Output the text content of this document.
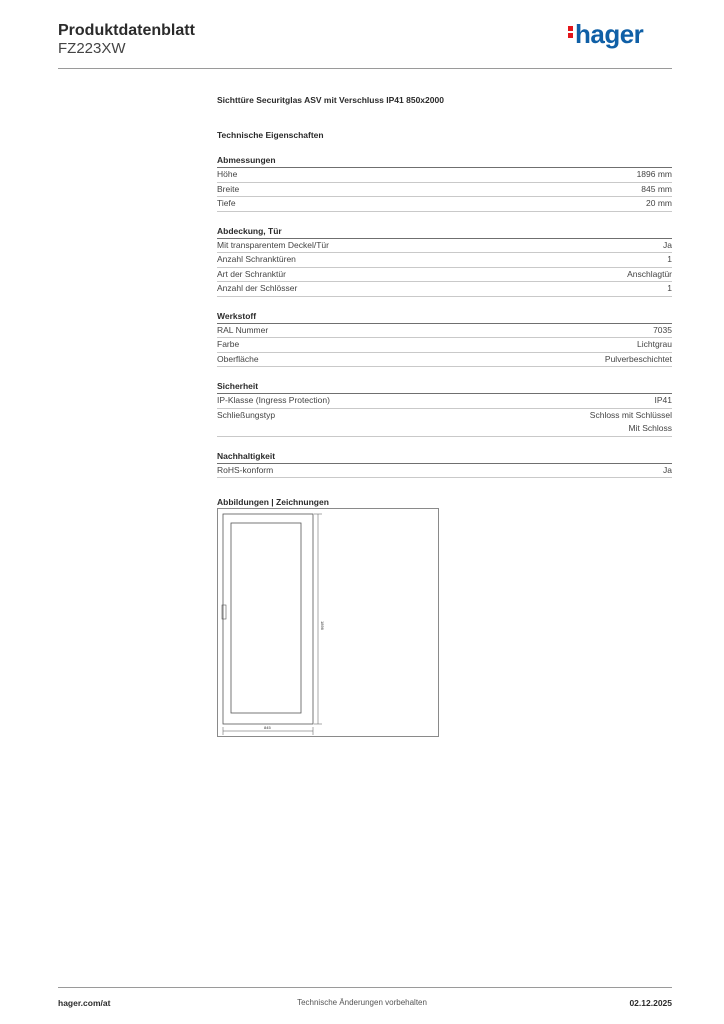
Produktdatenblatt
FZ223XW	hager
Sichttüre Securitglas ASV mit Verschluss IP41 850x2000
Technische Eigenschaften
Abmessungen
Höhe	1896 mm
Breite	845 mm
Tiefe	20 mm
Abdeckung, Tür
Mit transparentem Deckel/Tür	Ja
Anzahl Schranktüren	1
Art der Schranktür	Anschlagtür
Anzahl der Schlösser	1
Werkstoff
RAL Nummer	7035
Farbe	Lichtgrau
Oberfläche	Pulverbeschichtet
Sicherheit
IP-Klasse (Ingress Protection)	IP41
Schließungstyp	Schloss mit Schlüssel
Mit Schloss
Nachhaltigkeit
RoHS-konform	Ja
Abbildungen | Zeichnungen
1896
845
hager.com/at	Technische Änderungen vorbehalten	02.12.2025
